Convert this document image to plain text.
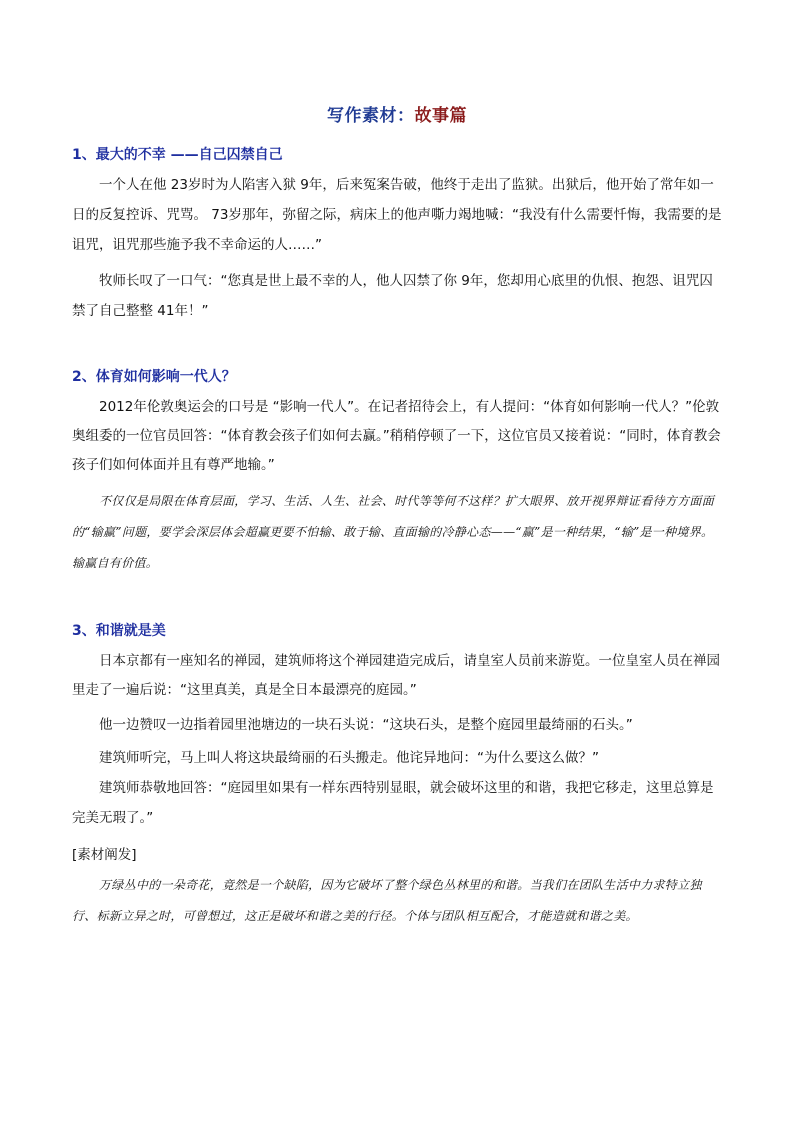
写作素材：故事篇
1、最大的不幸 ——自己囚禁自己

一个人在他 23岁时为人陷害入狱 9年，后来冤案告破，他终于走出了监狱。出狱后，他开始了常年如一日的反复控诉、咒骂。 73岁那年，弥留之际，病床上的他声嘶力竭地喊：“我没有什么需要忏悔，我需要的是诅咒，诅咒那些施予我不幸命运的人……”

牧师长叹了一口气：“您真是世上最不幸的人，他人囚禁了你 9年，您却用心底里的仇恨、抱怨、诅咒囚禁了自己整整 41年！”

2、体育如何影响一代人？

2012年伦敦奥运会的口号是 “影响一代人”。在记者招待会上，有人提问：“体育如何影响一代人？”伦敦奥组委的一位官员回答：“体育教会孩子们如何去赢。”稍稍停顿了一下，这位官员又接着说：“同时，体育教会孩子们如何体面并且有尊严地输。”

不仅仅是局限在体育层面，学习、生活、人生、社会、时代等等何不这样？扩大眼界、放开视界辩证看待方方面面的“输赢”问题，要学会深层体会超赢更要不怕输、敢于输、直面输的冷静心态——“赢”是一种结果，“输”是一种境界。输赢自有价值。

3、和谐就是美

日本京都有一座知名的禅园，建筑师将这个禅园建造完成后，请皇室人员前来游览。一位皇室人员在禅园里走了一遍后说：“这里真美，真是全日本最漂亮的庭园。”

他一边赞叹一边指着园里池塘边的一块石头说：“这块石头，是整个庭园里最绮丽的石头。”

建筑师听完，马上叫人将这块最绮丽的石头搬走。他诧异地问：“为什么要这么做？”

建筑师恭敬地回答：“庭园里如果有一样东西特别显眼，就会破坏这里的和谐，我把它移走，这里总算是完美无瑕了。”

[素材阐发]

万绿丛中的一朵奇花，竟然是一个缺陷，因为它破坏了整个绿色丛林里的和谐。当我们在团队生活中力求特立独行、标新立异之时，可曾想过，这正是破坏和谐之美的行径。个体与团队相互配合，才能造就和谐之美。
